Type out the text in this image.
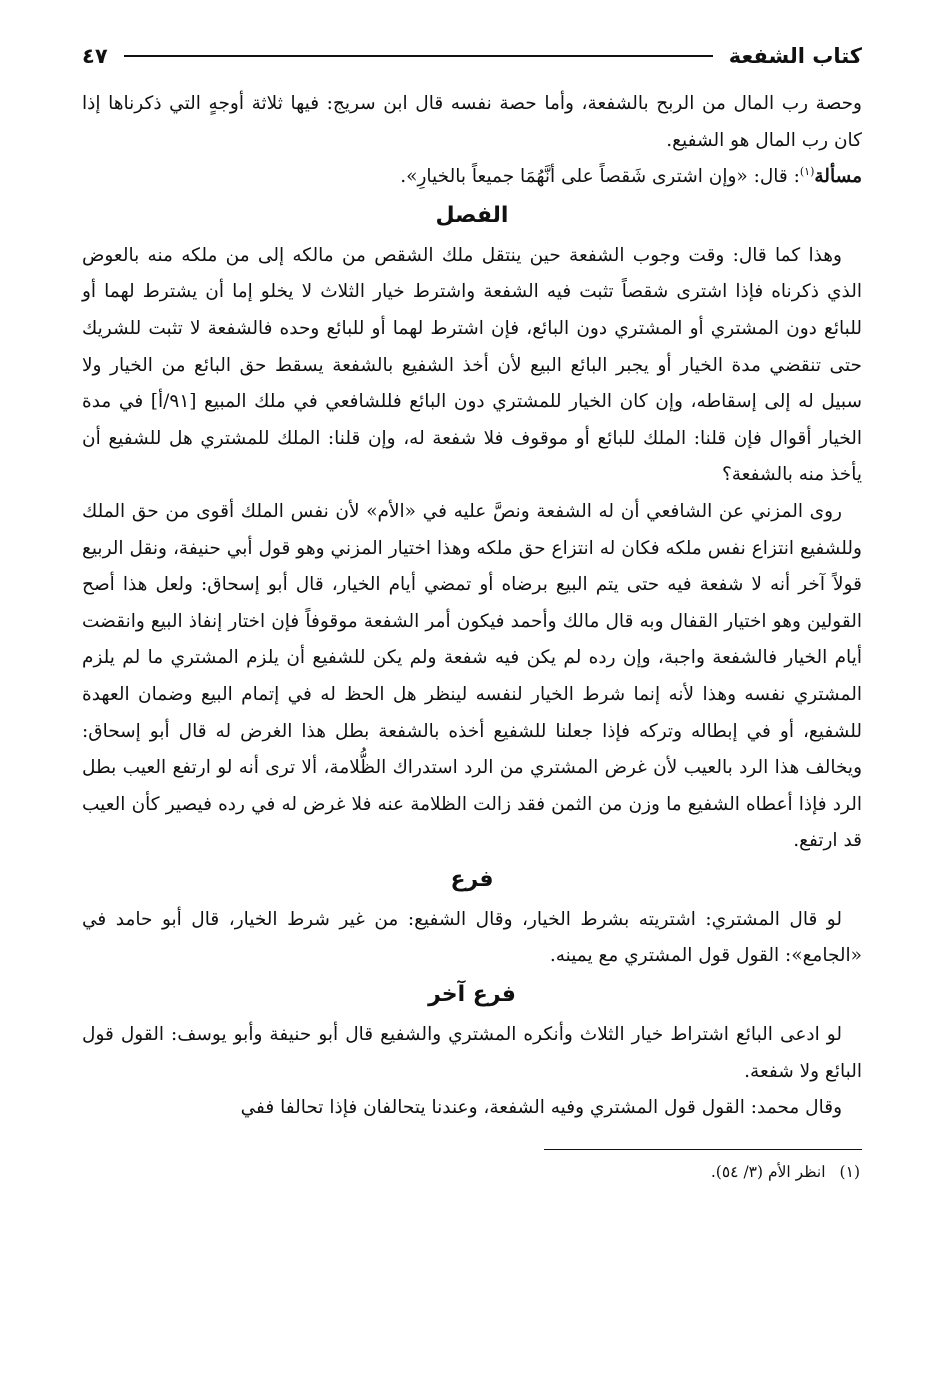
كتاب الشفعة
٤٧

وحصة رب المال من الربح بالشفعة، وأما حصة نفسه قال ابن سريج: فيها ثلاثة أوجهٍ التي ذكرناها إذا كان رب المال هو الشفيع.

مسألة$^{(١)}$: قال: «وإن اشترى شَقصاً على أنَّهُمَا جميعاً بالخيارِ».

الفصل

وهذا كما قال: وقت وجوب الشفعة حين ينتقل ملك الشقص من مالكه إلى من ملكه منه بالعوض الذي ذكرناه فإذا اشترى شقصاً تثبت فيه الشفعة واشترط خيار الثلاث لا يخلو إما أن يشترط لهما أو للبائع دون المشتري أو المشتري دون البائع، فإن اشترط لهما أو للبائع وحده فالشفعة لا تثبت للشريك حتى تنقضي مدة الخيار أو يجبر البائع البيع لأن أخذ الشفيع بالشفعة يسقط حق البائع من الخيار ولا سبيل له إلى إسقاطه، وإن كان الخيار للمشتري دون البائع فللشافعي في ملك المبيع [٩١/أ] في مدة الخيار أقوال فإن قلنا: الملك للبائع أو موقوف فلا شفعة له، وإن قلنا: الملك للمشتري هل للشفيع أن يأخذ منه بالشفعة؟

روى المزني عن الشافعي أن له الشفعة ونصَّ عليه في «الأم» لأن نفس الملك أقوى من حق الملك وللشفيع انتزاع نفس ملكه فكان له انتزاع حق ملكه وهذا اختيار المزني وهو قول أبي حنيفة، ونقل الربيع قولاً آخر أنه لا شفعة فيه حتى يتم البيع برضاه أو تمضي أيام الخيار، قال أبو إسحاق: ولعل هذا أصح القولين وهو اختيار القفال وبه قال مالك وأحمد فيكون أمر الشفعة موقوفاً فإن اختار إنفاذ البيع وانقضت أيام الخيار فالشفعة واجبة، وإن رده لم يكن فيه شفعة ولم يكن للشفيع أن يلزم المشتري ما لم يلزم المشتري نفسه وهذا لأنه إنما شرط الخيار لنفسه لينظر هل الحظ له في إتمام البيع وضمان العهدة للشفيع، أو في إبطاله وتركه فإذا جعلنا للشفيع أخذه بالشفعة بطل هذا الغرض له قال أبو إسحاق: ويخالف هذا الرد بالعيب لأن غرض المشتري من الرد استدراك الظُّلامة، ألا ترى أنه لو ارتفع العيب بطل الرد فإذا أعطاه الشفيع ما وزن من الثمن فقد زالت الظلامة عنه فلا غرض له في رده فيصير كأن العيب قد ارتفع.

فرع

لو قال المشتري: اشتريته بشرط الخيار، وقال الشفيع: من غير شرط الخيار، قال أبو حامد في «الجامع»: القول قول المشتري مع يمينه.

فرع آخر

لو ادعى البائع اشتراط خيار الثلاث وأنكره المشتري والشفيع قال أبو حنيفة وأبو يوسف: القول قول البائع ولا شفعة.

وقال محمد: القول قول المشتري وفيه الشفعة، وعندنا يتحالفان فإذا تحالفا ففي

(١)انظر الأم (٣/ ٥٤).
